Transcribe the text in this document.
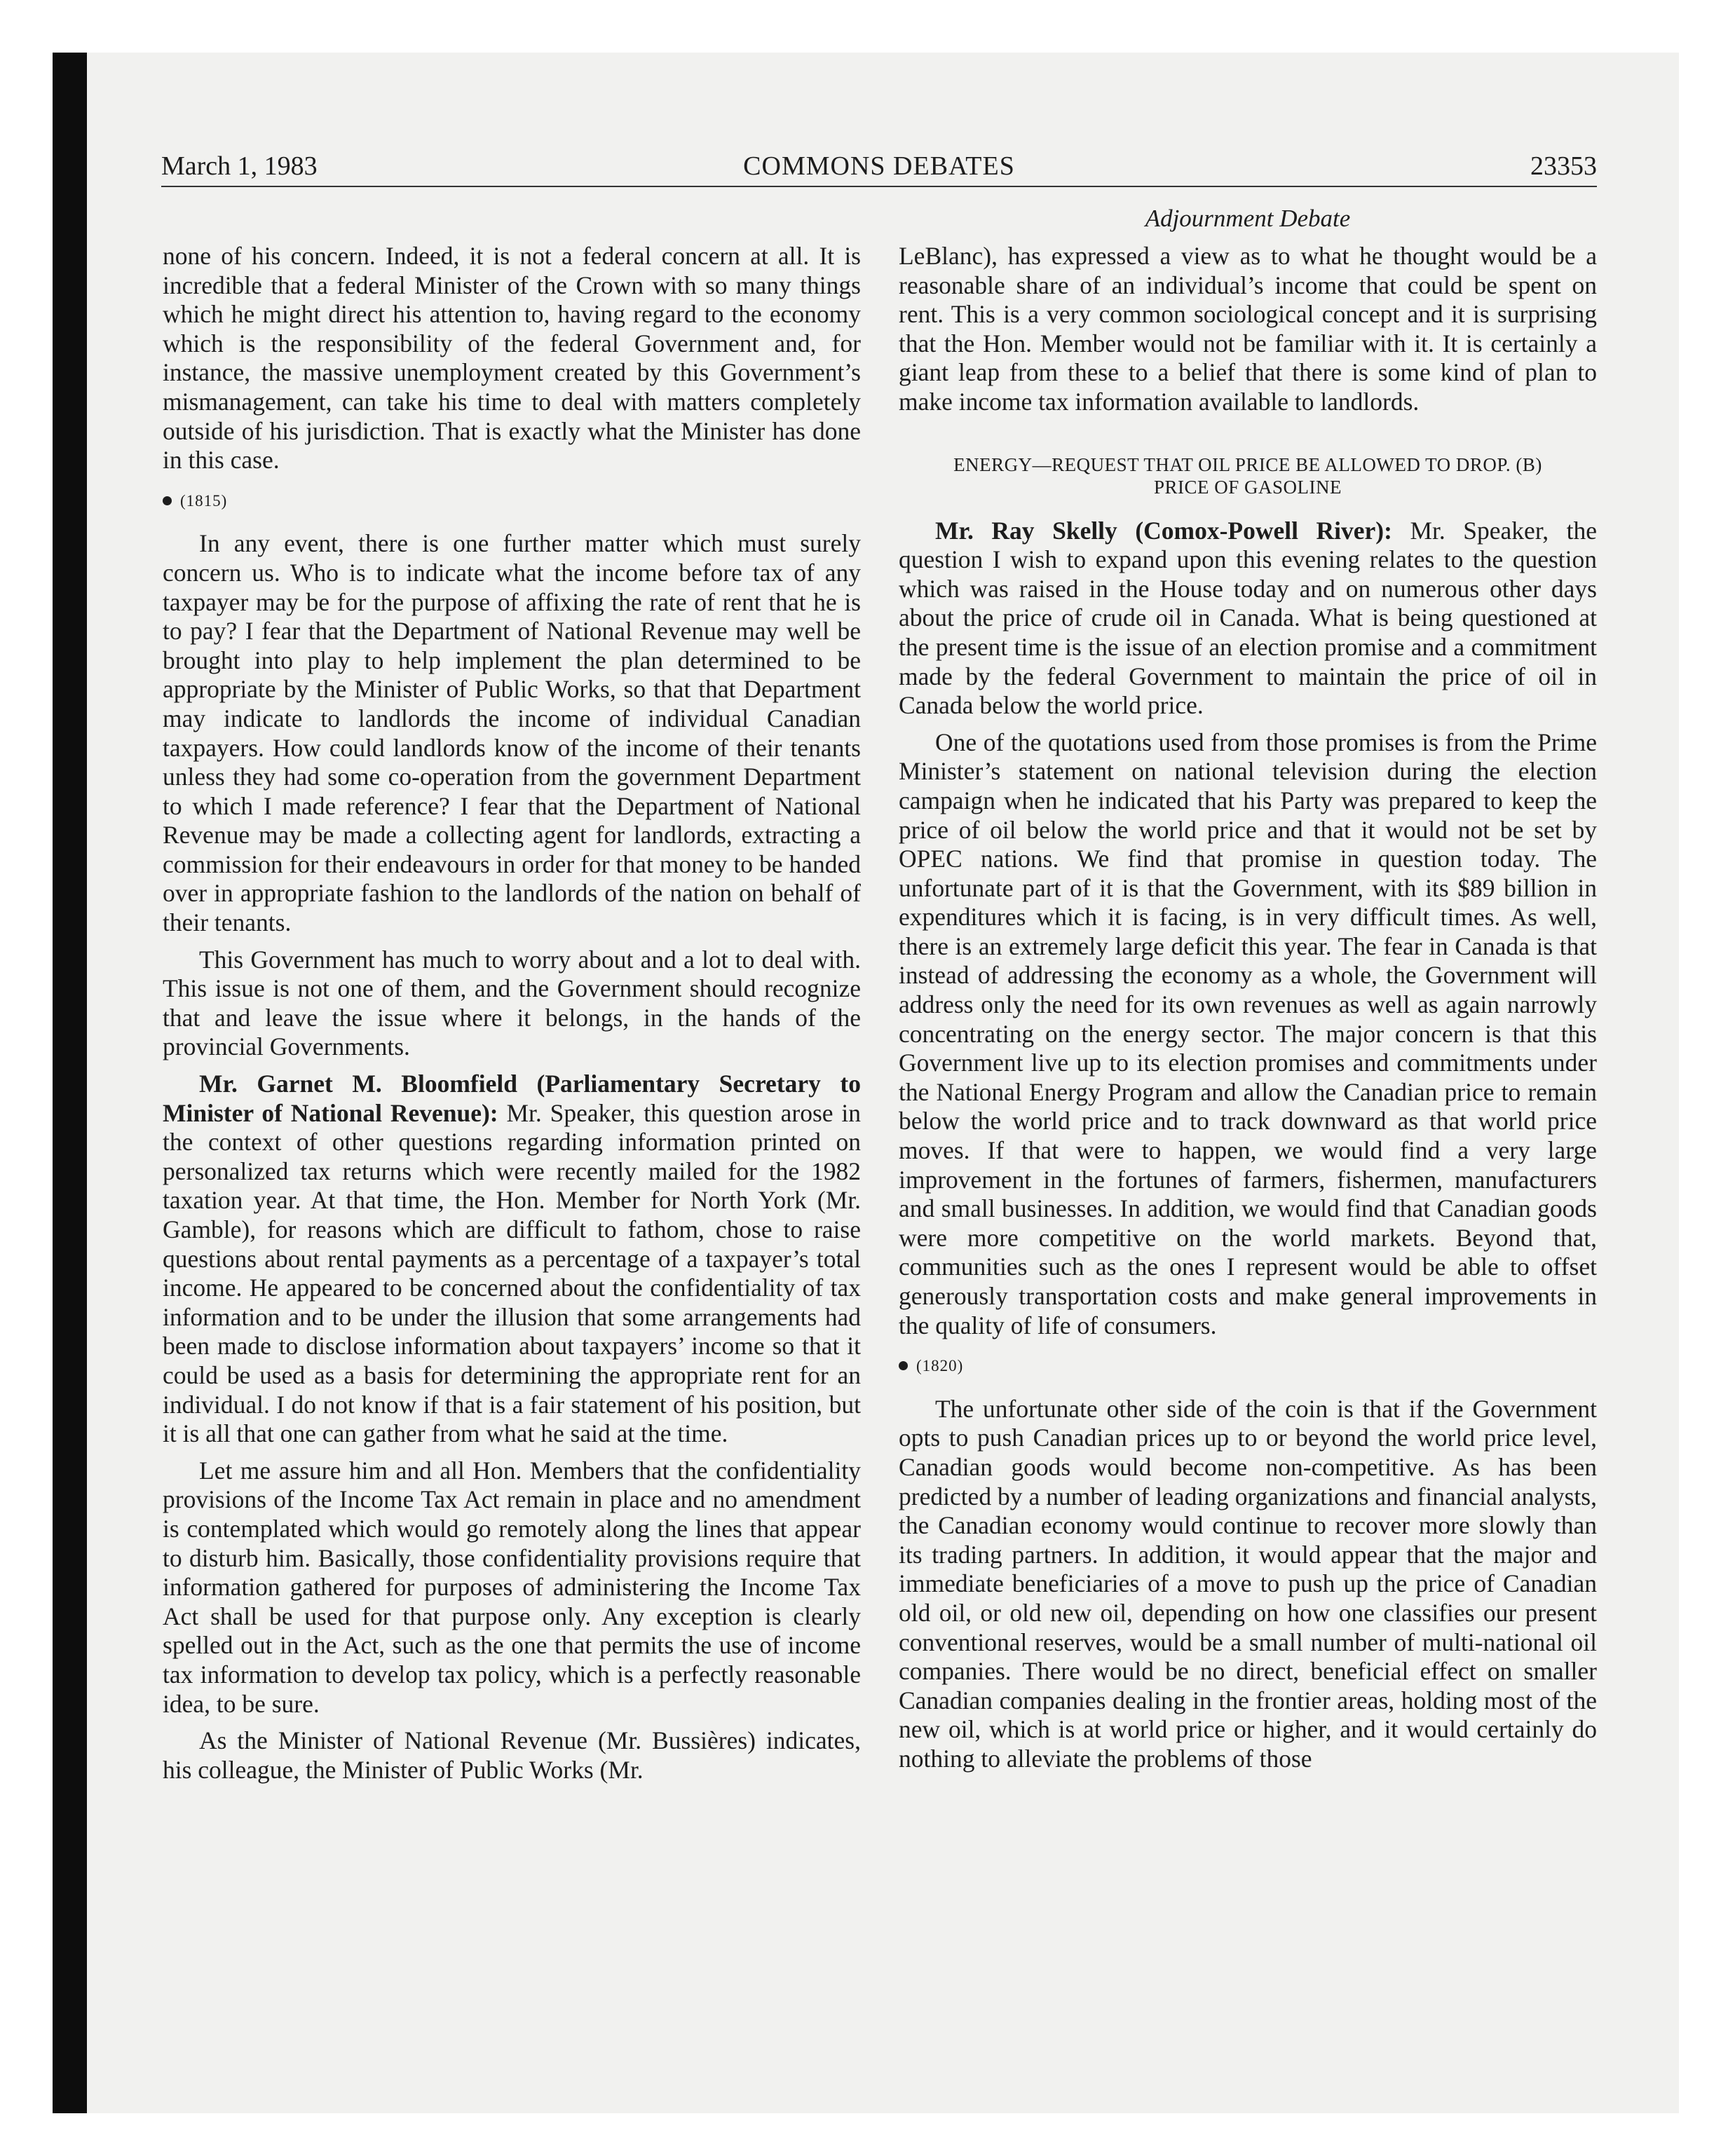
March 1, 1983	COMMONS DEBATES	23353
Adjournment Debate

none of his concern. Indeed, it is not a federal concern at all. It is incredible that a federal Minister of the Crown with so many things which he might direct his attention to, having regard to the economy which is the responsibility of the federal Government and, for instance, the massive unemployment created by this Government’s mismanagement, can take his time to deal with matters completely outside of his jurisdiction. That is exactly what the Minister has done in this case.

(1815)

In any event, there is one further matter which must surely concern us. Who is to indicate what the income before tax of any taxpayer may be for the purpose of affixing the rate of rent that he is to pay? I fear that the Department of National Revenue may well be brought into play to help implement the plan determined to be appropriate by the Minister of Public Works, so that that Department may indicate to landlords the income of individual Canadian taxpayers. How could landlords know of the income of their tenants unless they had some co-operation from the government Department to which I made reference? I fear that the Department of National Revenue may be made a collecting agent for landlords, extracting a commission for their endeavours in order for that money to be handed over in appropriate fashion to the landlords of the nation on behalf of their tenants.

This Government has much to worry about and a lot to deal with. This issue is not one of them, and the Government should recognize that and leave the issue where it belongs, in the hands of the provincial Governments.

Mr. Garnet M. Bloomfield (Parliamentary Secretary to Minister of National Revenue): Mr. Speaker, this question arose in the context of other questions regarding information printed on personalized tax returns which were recently mailed for the 1982 taxation year. At that time, the Hon. Member for North York (Mr. Gamble), for reasons which are difficult to fathom, chose to raise questions about rental payments as a percentage of a taxpayer’s total income. He appeared to be concerned about the confidentiality of tax information and to be under the illusion that some arrangements had been made to disclose information about taxpayers’ income so that it could be used as a basis for determining the appropriate rent for an individual. I do not know if that is a fair statement of his position, but it is all that one can gather from what he said at the time.

Let me assure him and all Hon. Members that the confidentiality provisions of the Income Tax Act remain in place and no amendment is contemplated which would go remotely along the lines that appear to disturb him. Basically, those confidentiality provisions require that information gathered for purposes of administering the Income Tax Act shall be used for that purpose only. Any exception is clearly spelled out in the Act, such as the one that permits the use of income tax information to develop tax policy, which is a perfectly reasonable idea, to be sure.

As the Minister of National Revenue (Mr. Bussières) indicates, his colleague, the Minister of Public Works (Mr.

LeBlanc), has expressed a view as to what he thought would be a reasonable share of an individual’s income that could be spent on rent. This is a very common sociological concept and it is surprising that the Hon. Member would not be familiar with it. It is certainly a giant leap from these to a belief that there is some kind of plan to make income tax information available to landlords.

ENERGY—REQUEST THAT OIL PRICE BE ALLOWED TO DROP. (B)
PRICE OF GASOLINE

Mr. Ray Skelly (Comox-Powell River): Mr. Speaker, the question I wish to expand upon this evening relates to the question which was raised in the House today and on numerous other days about the price of crude oil in Canada. What is being questioned at the present time is the issue of an election promise and a commitment made by the federal Government to maintain the price of oil in Canada below the world price.

One of the quotations used from those promises is from the Prime Minister’s statement on national television during the election campaign when he indicated that his Party was prepared to keep the price of oil below the world price and that it would not be set by OPEC nations. We find that promise in question today. The unfortunate part of it is that the Government, with its $89 billion in expenditures which it is facing, is in very difficult times. As well, there is an extremely large deficit this year. The fear in Canada is that instead of addressing the economy as a whole, the Government will address only the need for its own revenues as well as again narrowly concentrating on the energy sector. The major concern is that this Government live up to its election promises and commitments under the National Energy Program and allow the Canadian price to remain below the world price and to track downward as that world price moves. If that were to happen, we would find a very large improvement in the fortunes of farmers, fishermen, manufacturers and small businesses. In addition, we would find that Canadian goods were more competitive on the world markets. Beyond that, communities such as the ones I represent would be able to offset generously transportation costs and make general improvements in the quality of life of consumers.

(1820)

The unfortunate other side of the coin is that if the Government opts to push Canadian prices up to or beyond the world price level, Canadian goods would become non-competitive. As has been predicted by a number of leading organizations and financial analysts, the Canadian economy would continue to recover more slowly than its trading partners. In addition, it would appear that the major and immediate beneficiaries of a move to push up the price of Canadian old oil, or old new oil, depending on how one classifies our present conventional reserves, would be a small number of multi-national oil companies. There would be no direct, beneficial effect on smaller Canadian companies dealing in the frontier areas, holding most of the new oil, which is at world price or higher, and it would certainly do nothing to alleviate the problems of those
